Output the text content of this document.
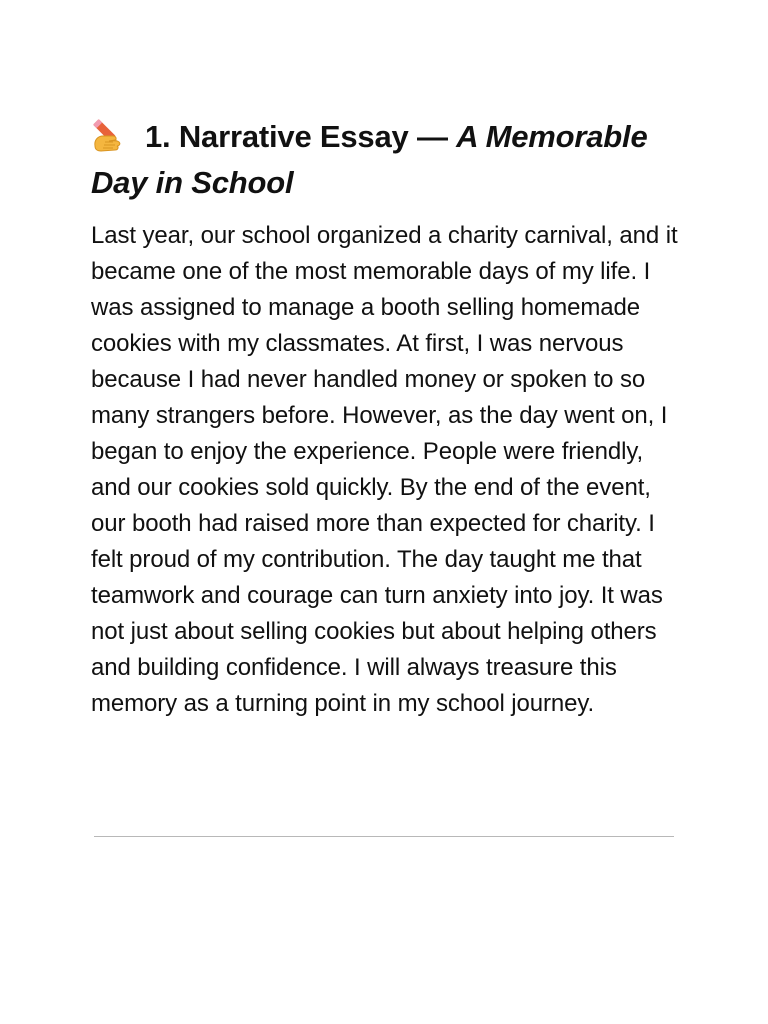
1. Narrative Essay — A Memorable Day in School

Last year, our school organized a charity carnival, and it became one of the most memorable days of my life. I was assigned to manage a booth selling homemade cookies with my classmates. At first, I was nervous because I had never handled money or spoken to so many strangers before. However, as the day went on, I began to enjoy the experience. People were friendly, and our cookies sold quickly. By the end of the event, our booth had raised more than expected for charity. I felt proud of my contribution. The day taught me that teamwork and courage can turn anxiety into joy. It was not just about selling cookies but about helping others and building confidence. I will always treasure this memory as a turning point in my school journey.
